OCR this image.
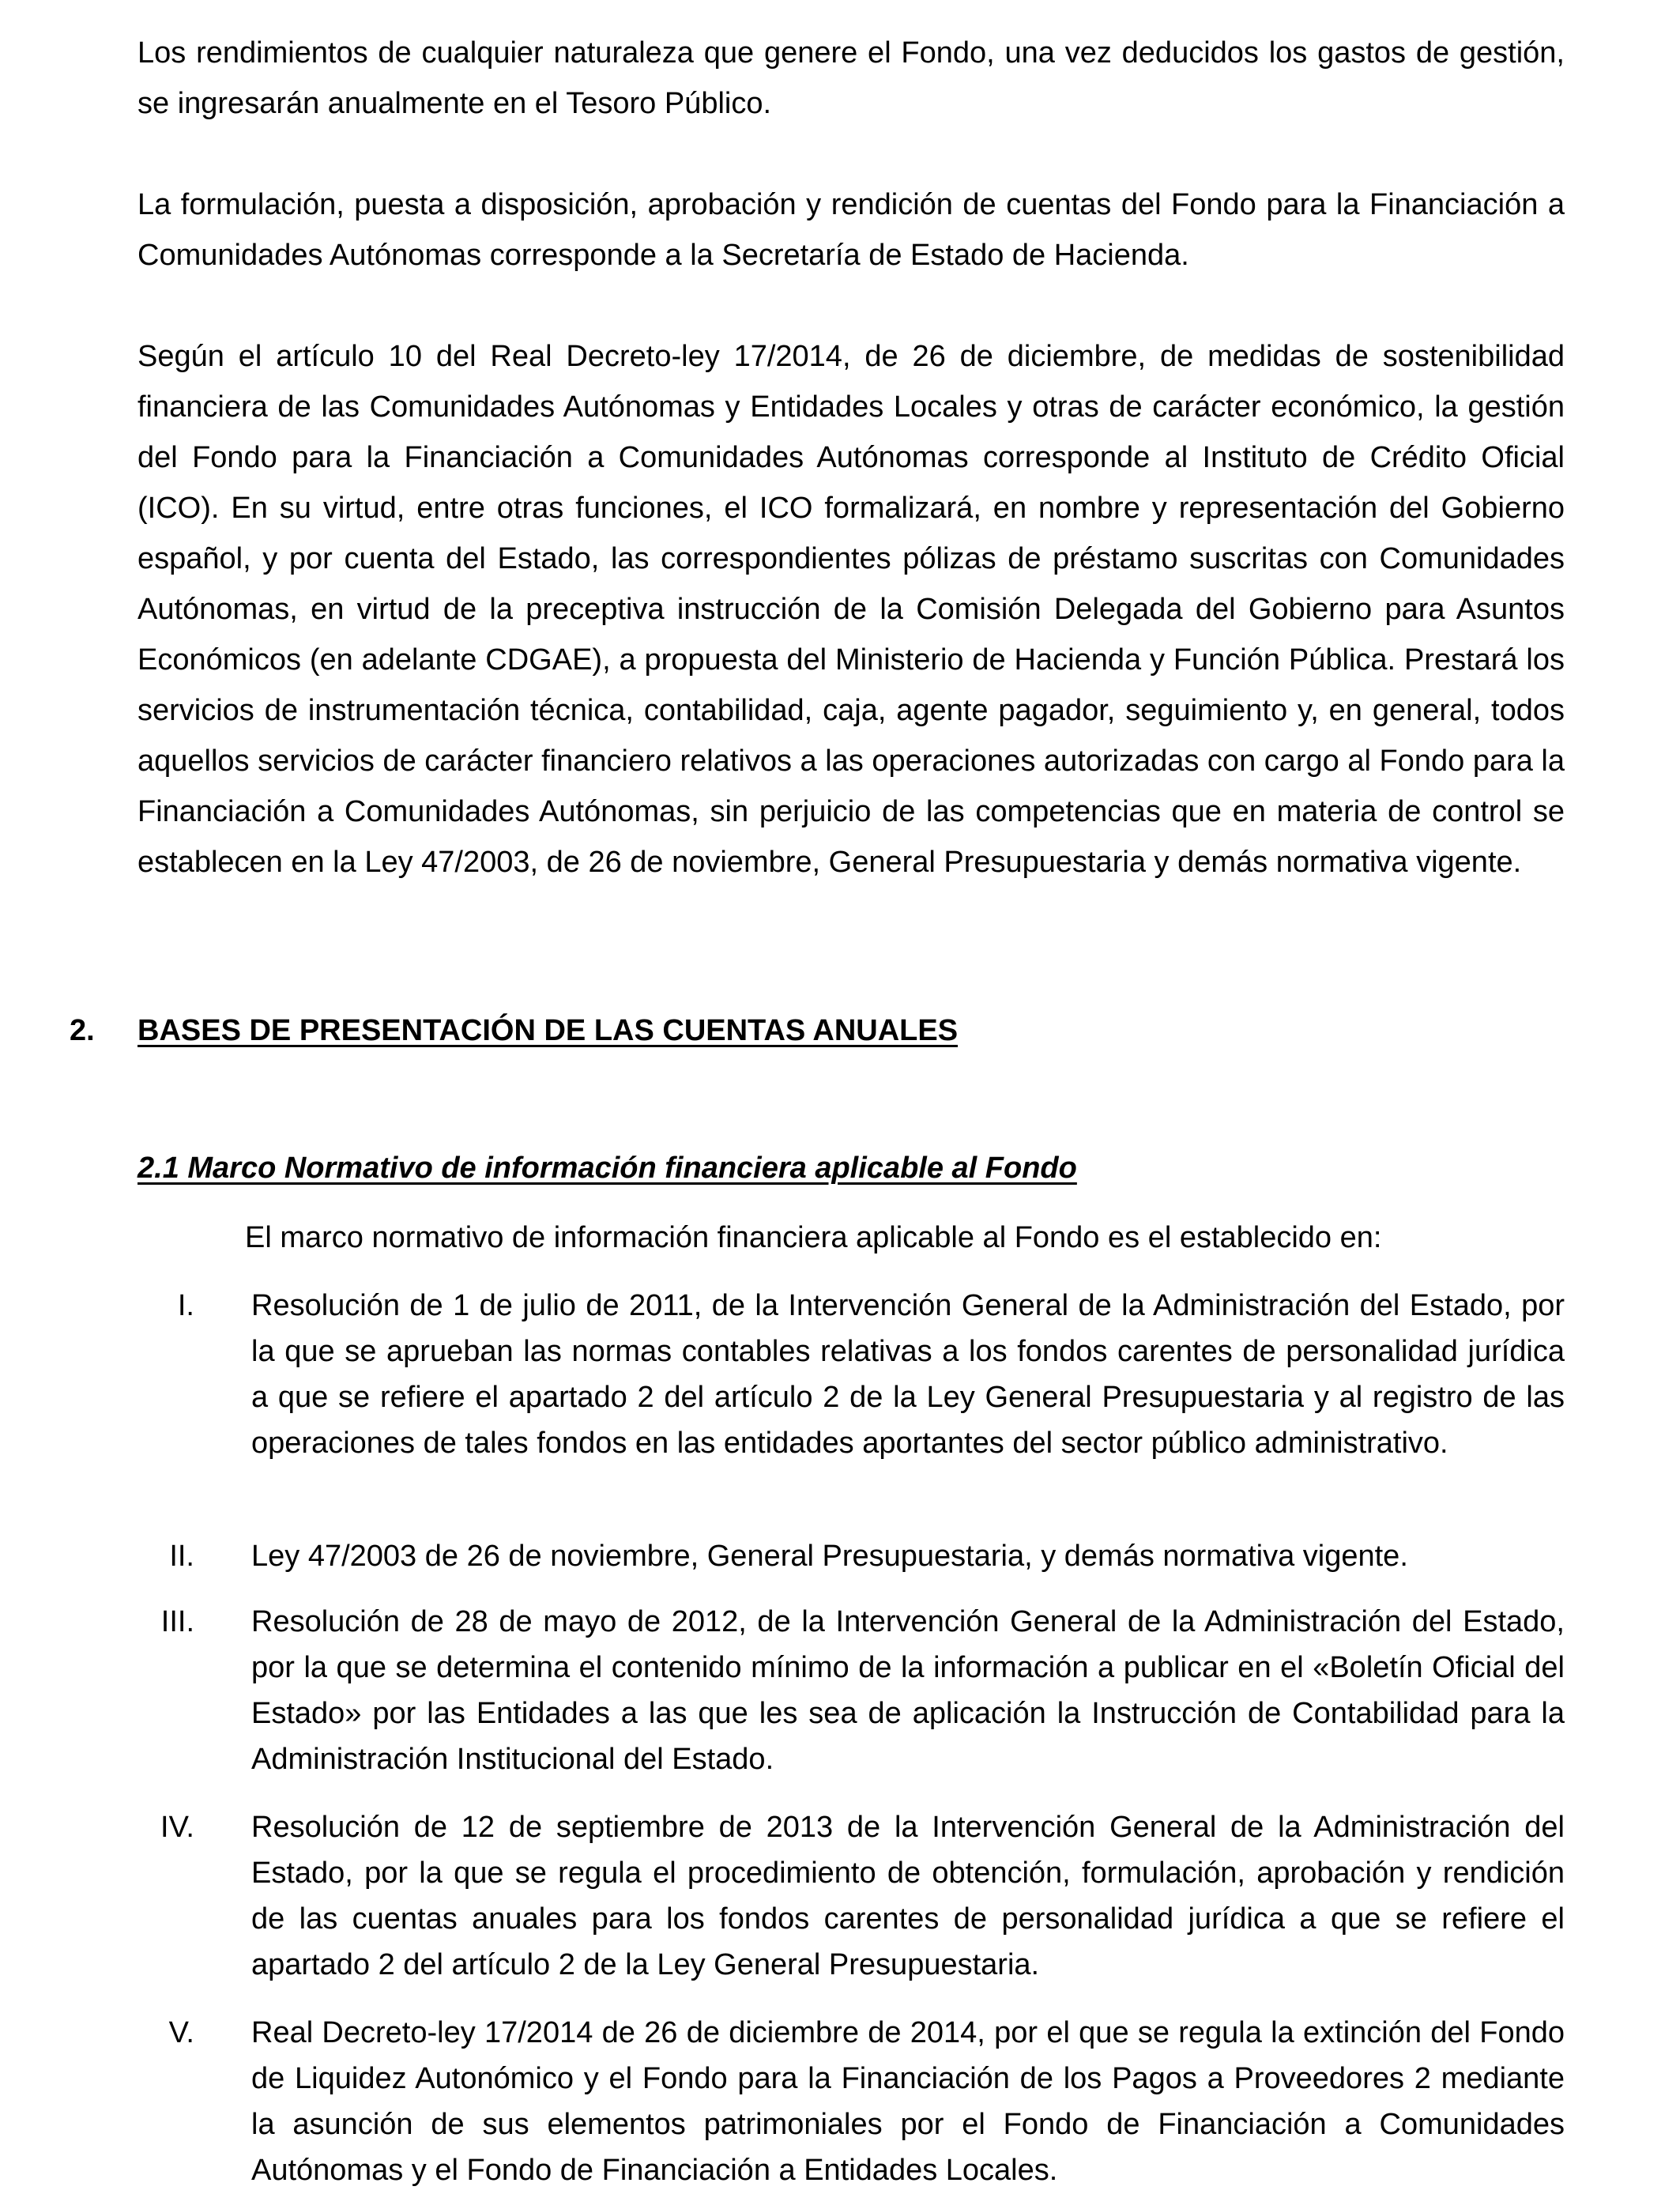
Los rendimientos de cualquier naturaleza que genere el Fondo, una vez deducidos los gastos de gestión, se ingresarán anualmente en el Tesoro Público.

La formulación, puesta a disposición, aprobación y rendición de cuentas del Fondo para la Financiación a Comunidades Autónomas corresponde a la Secretaría de Estado de Hacienda.

Según el artículo 10 del Real Decreto-ley 17/2014, de 26 de diciembre, de medidas de sostenibilidad financiera de las Comunidades Autónomas y Entidades Locales y otras de carácter económico, la gestión del Fondo para la Financiación a Comunidades Autónomas corresponde al Instituto de Crédito Oficial (ICO). En su virtud, entre otras funciones, el ICO formalizará, en nombre y representación del Gobierno español, y por cuenta del Estado, las correspondientes pólizas de préstamo suscritas con Comunidades Autónomas, en virtud de la preceptiva instrucción de la Comisión Delegada del Gobierno para Asuntos Económicos (en adelante CDGAE), a propuesta del Ministerio de Hacienda y Función Pública. Prestará los servicios de instrumentación técnica, contabilidad, caja, agente pagador, seguimiento y, en general, todos aquellos servicios de carácter financiero relativos a las operaciones autorizadas con cargo al Fondo para la Financiación a Comunidades Autónomas, sin perjuicio de las competencias que en materia de control se establecen en la Ley 47/2003, de 26 de noviembre, General Presupuestaria y demás normativa vigente.

2. BASES DE PRESENTACIÓN DE LAS CUENTAS ANUALES
2.1 Marco Normativo de información financiera aplicable al Fondo

El marco normativo de información financiera aplicable al Fondo es el establecido en:

I. Resolución de 1 de julio de 2011, de la Intervención General de la Administración del Estado, por la que se aprueban las normas contables relativas a los fondos carentes de personalidad jurídica a que se refiere el apartado 2 del artículo 2 de la Ley General Presupuestaria y al registro de las operaciones de tales fondos en las entidades aportantes del sector público administrativo.

II. Ley 47/2003 de 26 de noviembre, General Presupuestaria, y demás normativa vigente.

III. Resolución de 28 de mayo de 2012, de la Intervención General de la Administración del Estado, por la que se determina el contenido mínimo de la información a publicar en el «Boletín Oficial del Estado» por las Entidades a las que les sea de aplicación la Instrucción de Contabilidad para la Administración Institucional del Estado.

IV. Resolución de 12 de septiembre de 2013 de la Intervención General de la Administración del Estado, por la que se regula el procedimiento de obtención, formulación, aprobación y rendición de las cuentas anuales para los fondos carentes de personalidad jurídica a que se refiere el apartado 2 del artículo 2 de la Ley General Presupuestaria.

V. Real Decreto-ley 17/2014 de 26 de diciembre de 2014, por el que se regula la extinción del Fondo de Liquidez Autonómico y el Fondo para la Financiación de los Pagos a Proveedores 2 mediante la asunción de sus elementos patrimoniales por el Fondo de Financiación a Comunidades Autónomas y el Fondo de Financiación a Entidades Locales.
